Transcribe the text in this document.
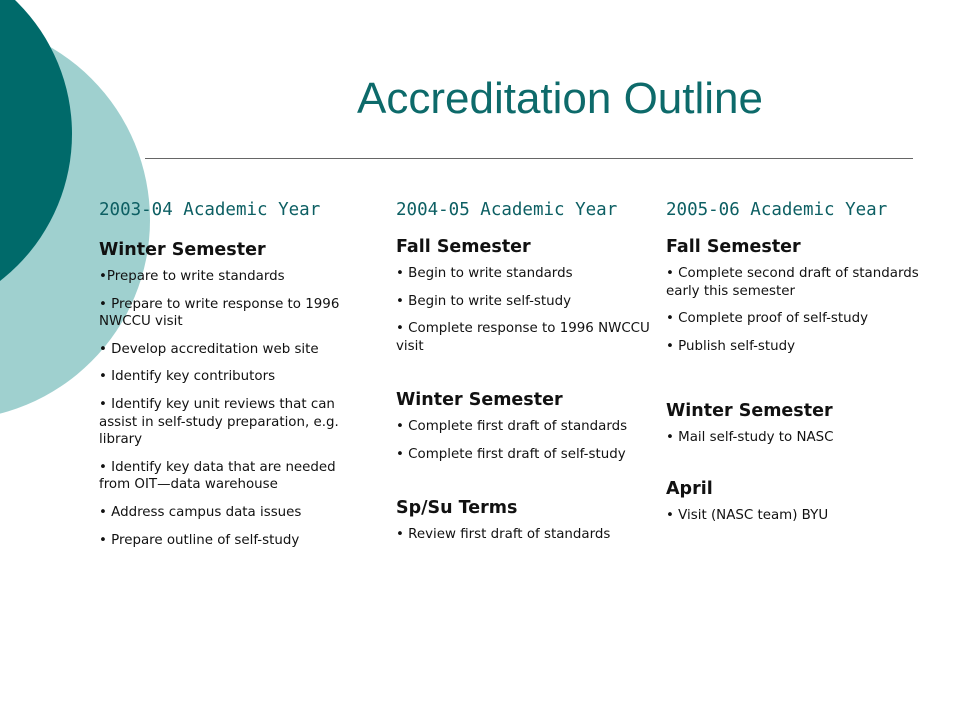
Accreditation Outline
2003-04 Academic Year
Winter Semester

•Prepare to write standards

• Prepare to write response to 1996 NWCCU visit

• Develop accreditation web site

• Identify key contributors

• Identify key unit reviews that can assist in self-study preparation, e.g. library

• Identify key data that are needed from OIT—data warehouse

• Address campus data issues

• Prepare outline of self-study

2004-05 Academic Year
Fall Semester

• Begin to write standards

• Begin to write self-study

• Complete response to 1996 NWCCU visit

Winter Semester

• Complete first draft of standards

• Complete first draft of self-study

Sp/Su Terms

• Review first draft of standards

2005-06 Academic Year
Fall Semester

• Complete second draft of standards early this semester

• Complete proof of self-study

• Publish self-study

Winter Semester

• Mail self-study to NASC

April

• Visit (NASC team) BYU
